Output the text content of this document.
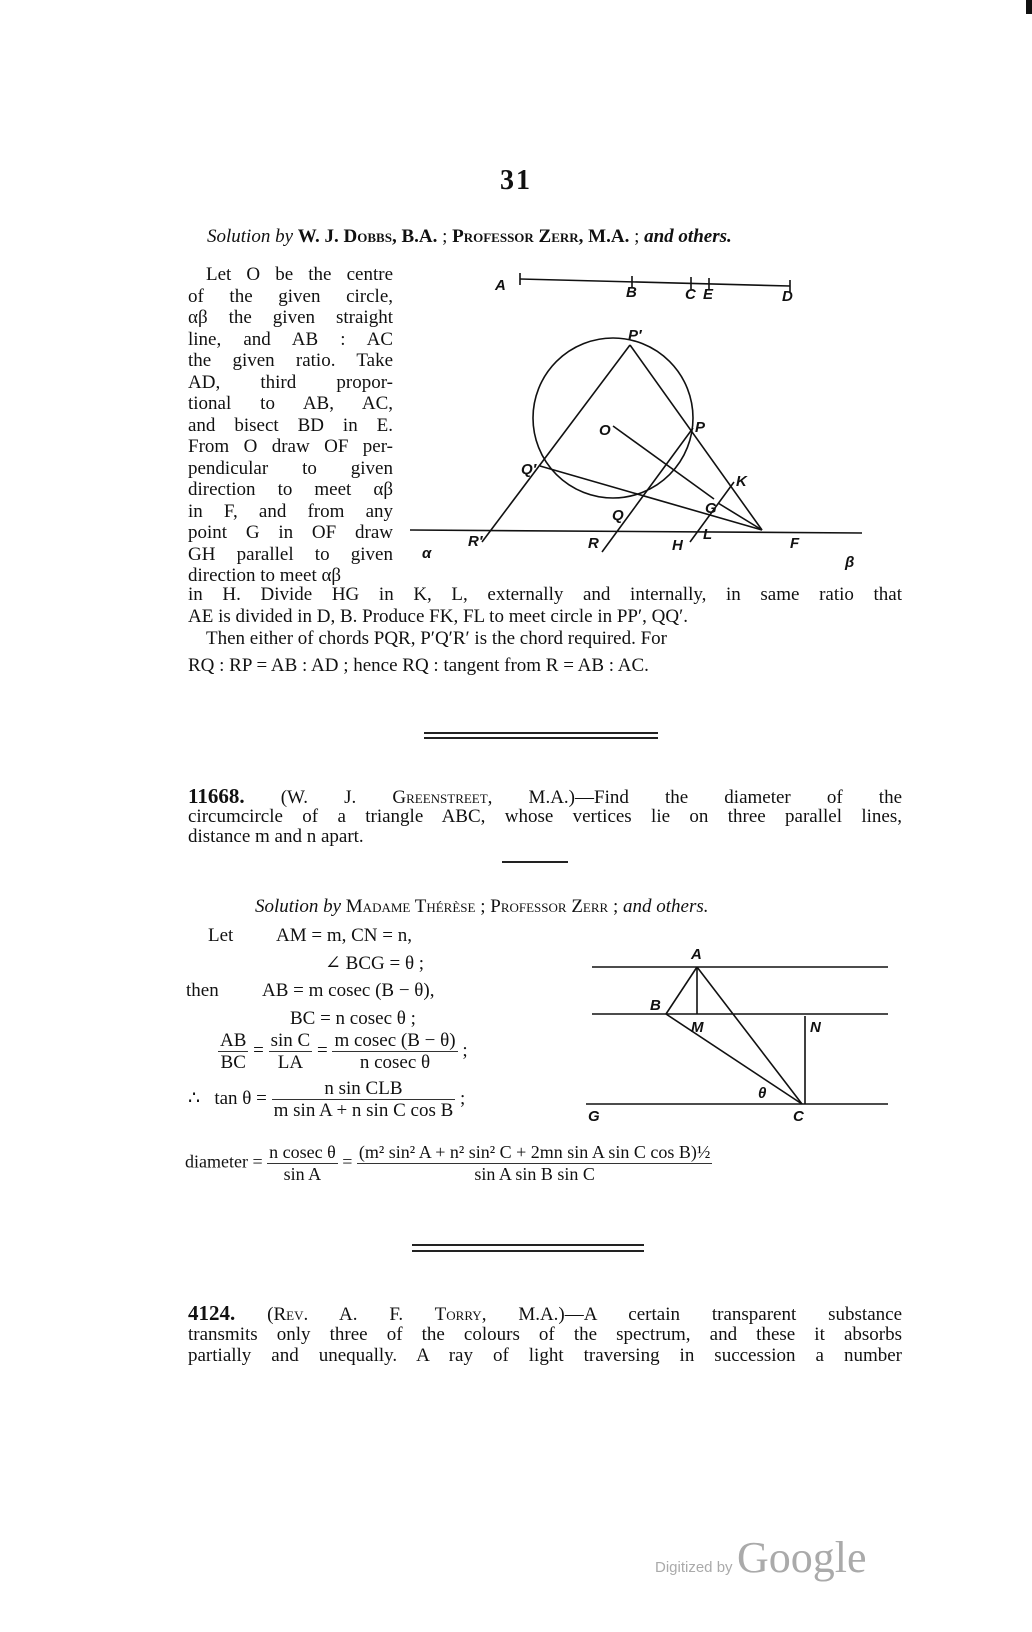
31
Solution by W. J. Dobbs, B.A. ; Professor Zerr, M.A. ; and others.
Let O be the centre
of the given circle,
αβ the given straight
line, and AB : AC
the given ratio. Take
AD, third propor-
tional to AB, AC,
and bisect BD in E.
From O draw OF per-
pendicular to given
direction to meet αβ
in F, and from any
point G in OF draw
GH parallel to given
direction to meet αβ
A	B	C E	D
P′
P
O
Q′
K
G
Q
L
R′	R	H	F
α
β
in H. Divide HG in K, L, externally and internally, in same ratio that
AE is divided in D, B. Produce FK, FL to meet circle in PP′, QQ′.
Then either of chords PQR, P′Q′R′ is the chord required. For
RQ : RP = AB : AD ; hence RQ : tangent from R = AB : AC.
11668. (W. J. Greenstreet, M.A.)—Find the diameter of the
circumcircle of a triangle ABC, whose vertices lie on three parallel lines,
distance m and n apart.
Solution by Madame Thérèse ; Professor Zerr ; and others.
Let AM = m, CN = n,
∠ BCG = θ ;
then AB = m cosec (B − θ),
BC = n cosec θ ;
$\frac{AB}{BC} = \frac{\text{sin C}}{LA} = \frac{\text{m cosec (B − θ)}}{\text{n cosec θ}}$ ;
∴ $\tan \theta = \frac{\text{n sin CLB}}{\text{m sin A + n sin C cos B}}$ ;
diameter = $\frac{\text{n cosec θ}}{\text{sin A}} = \frac{\text{(m² sin² A + n² sin² C + 2mn sin A sin C cos B)½}}{\text{sin A sin B sin C}}$
A
B
M	N
θ
G	C
4124. (Rev. A. F. Torry, M.A.)—A certain transparent substance
transmits only three of the colours of the spectrum, and these it absorbs
partially and unequally. A ray of light traversing in succession a number
Digitized by Google
